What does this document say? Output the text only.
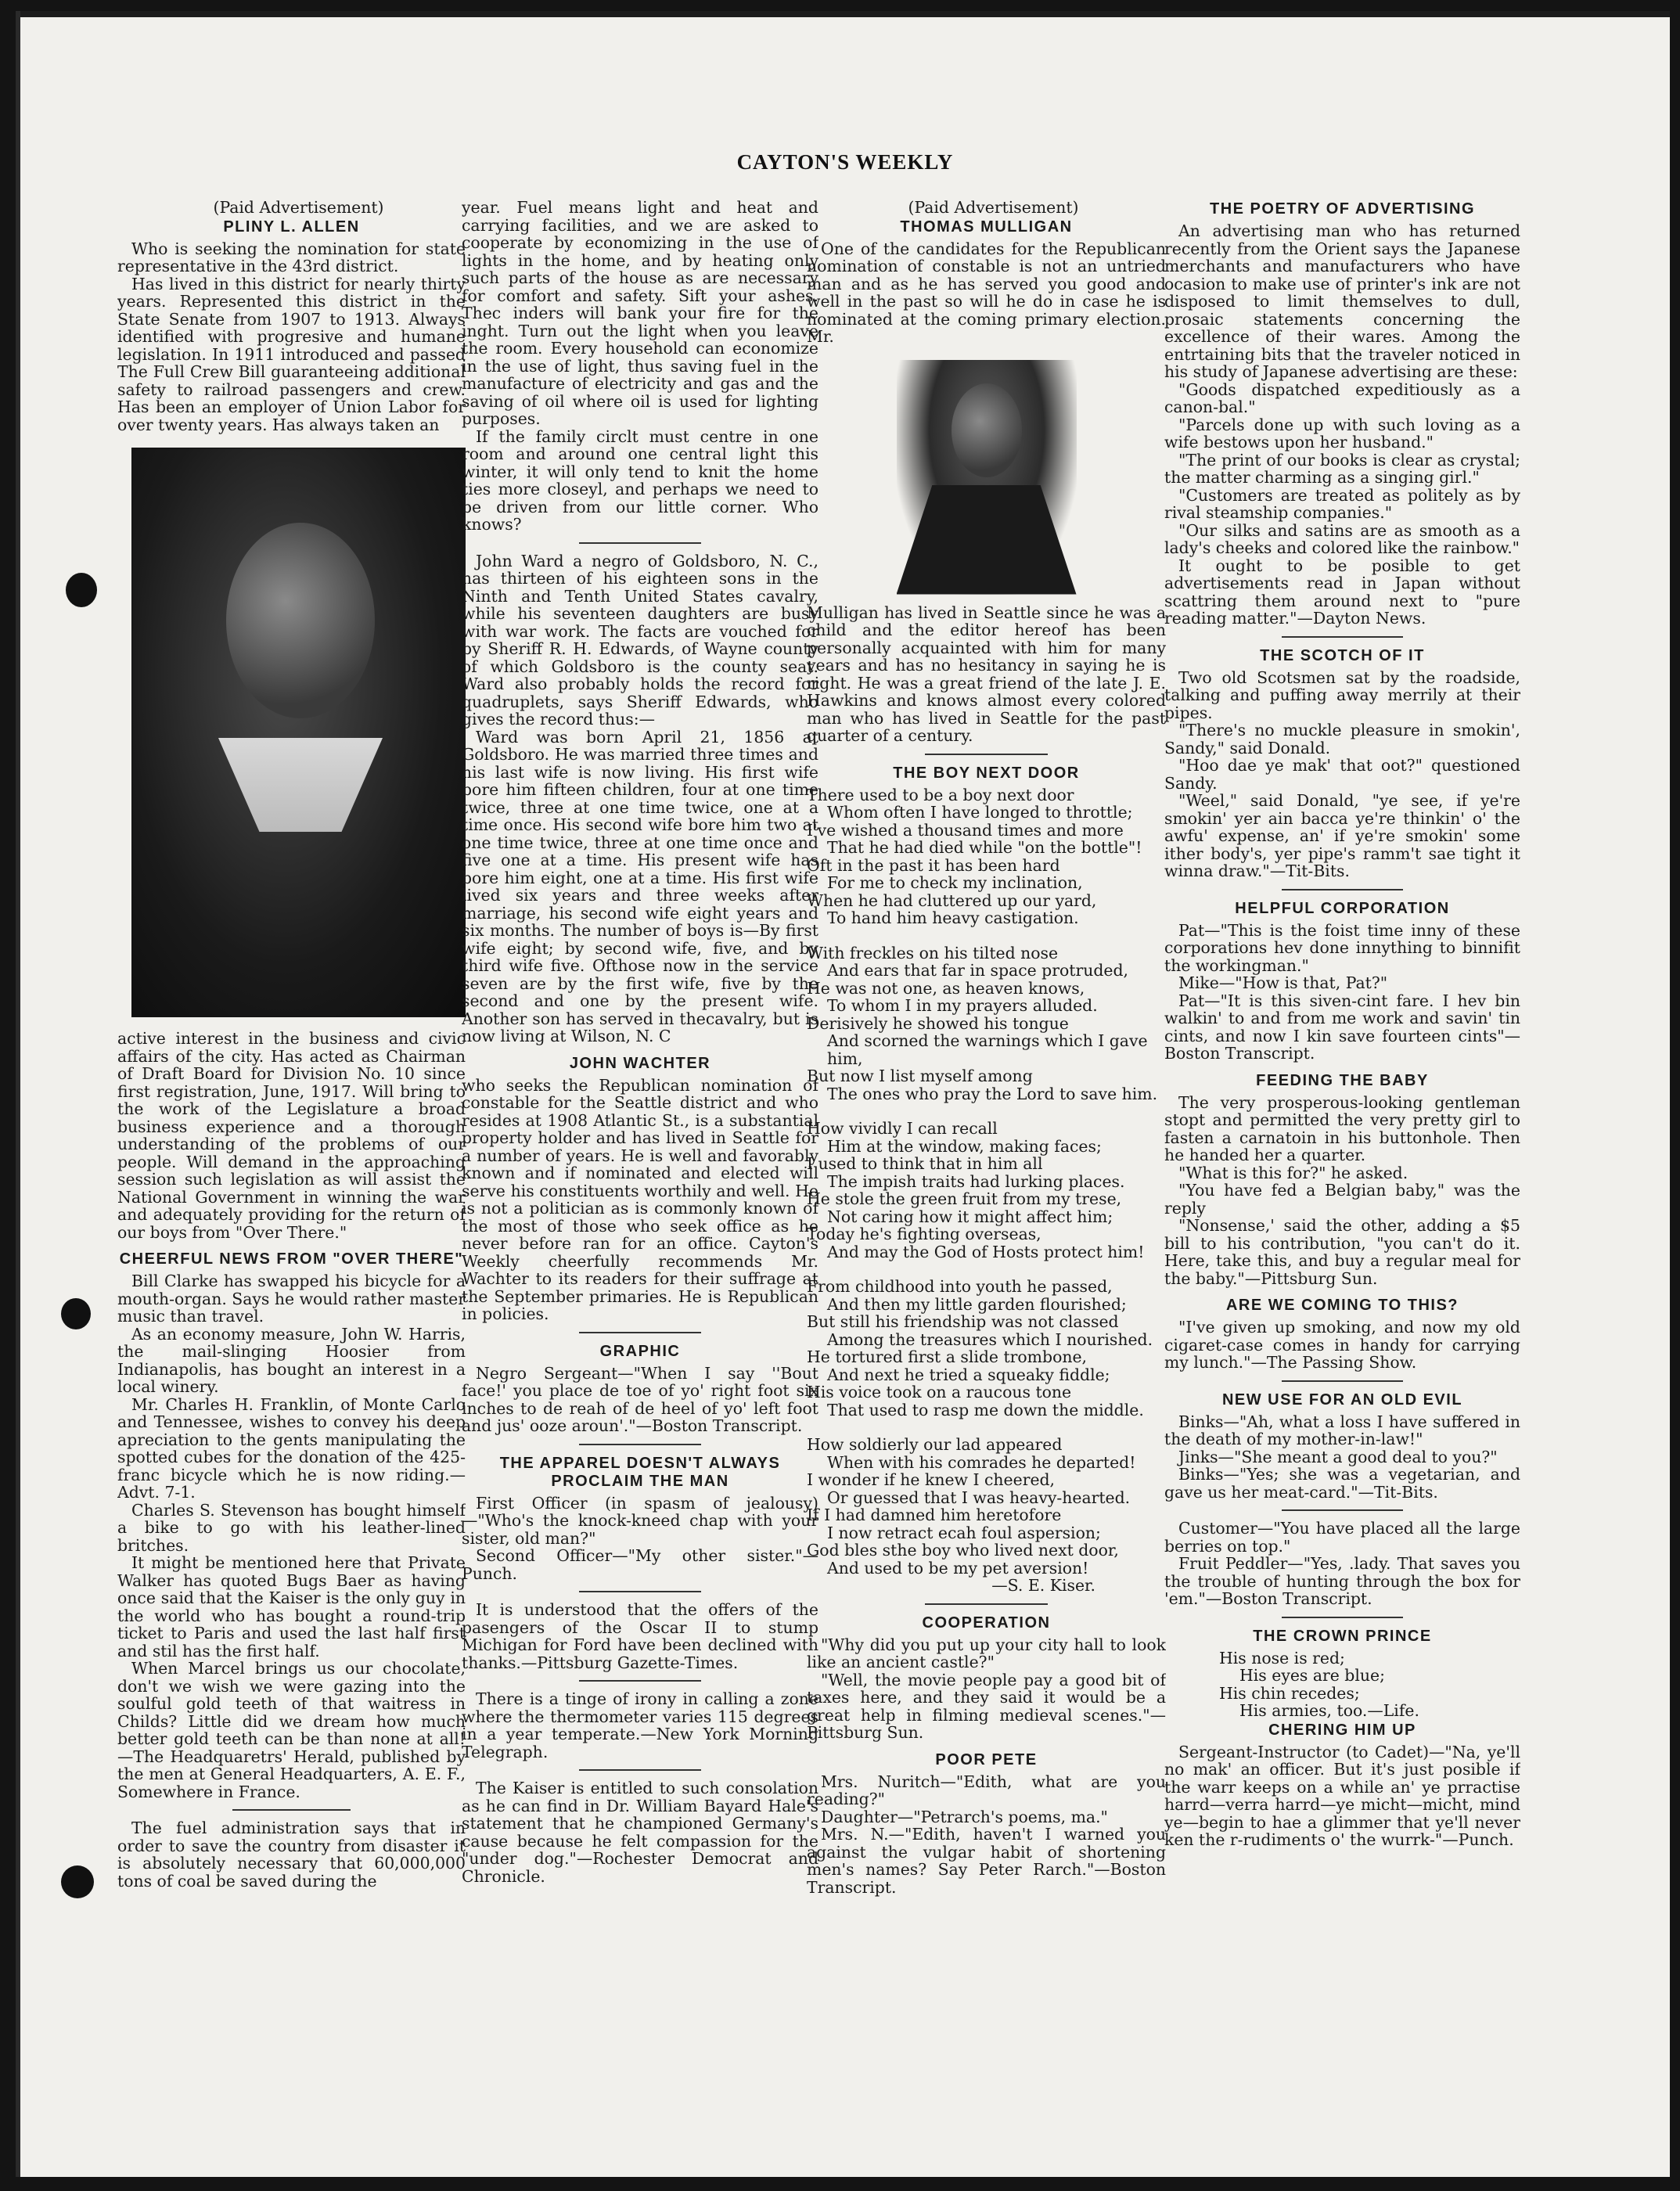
CAYTON'S WEEKLY

(Paid Advertisement)

PLINY L. ALLEN

Who is seeking the nomination for state representative in the 43rd district.

Has lived in this district for nearly thirty years. Represented this district in the State Senate from 1907 to 1913. Always identified with progresive and humane legislation. In 1911 introduced and passed The Full Crew Bill guaranteeing additional safety to railroad passengers and crew. Has been an employer of Union Labor for over twenty years. Has always taken an

active interest in the business and civic affairs of the city. Has acted as Chairman of Draft Board for Division No. 10 since first registration, June, 1917. Will bring to the work of the Legislature a broad business experience and a thorough understanding of the problems of our people. Will demand in the approaching session such legislation as will assist the National Government in winning the war and adequately providing for the return of our boys from "Over There."

CHEERFUL NEWS FROM "OVER THERE"

Bill Clarke has swapped his bicycle for a mouth-organ. Says he would rather master music than travel.

As an economy measure, John W. Harris, the mail-slinging Hoosier from Indianapolis, has bought an interest in a local winery.

Mr. Charles H. Franklin, of Monte Carlo and Tennessee, wishes to convey his deep apreciation to the gents manipulating the spotted cubes for the donation of the 425-franc bicycle which he is now riding.—Advt. 7-1.

Charles S. Stevenson has bought himself a bike to go with his leather-lined britches.

It might be mentioned here that Private Walker has quoted Bugs Baer as having once said that the Kaiser is the only guy in the world who has bought a round-trip ticket to Paris and used the last half first and stil has the first half.

When Marcel brings us our chocolate, don't we wish we were gazing into the soulful gold teeth of that waitress in Childs? Little did we dream how much better gold teeth can be than none at all!—The Headquaretrs' Herald, published by the men at General Headquarters, A. E. F., Somewhere in France.

The fuel administration says that in order to save the country from disaster it is absolutely necessary that 60,000,000 tons of coal be saved during the

year. Fuel means light and heat and carrying facilities, and we are asked to cooperate by economizing in the use of lights in the home, and by heating only such parts of the house as are necessary for comfort and safety. Sift your ashes. Thec inders will bank your fire for the inght. Turn out the light when you leave the room. Every household can economize in the use of light, thus saving fuel in the manufacture of electricity and gas and the saving of oil where oil is used for lighting purposes.

If the family circlt must centre in one room and around one central light this winter, it will only tend to knit the home ties more closeyl, and perhaps we need to be driven from our little corner. Who knows?

John Ward a negro of Goldsboro, N. C., has thirteen of his eighteen sons in the Ninth and Tenth United States cavalry, while his seventeen daughters are busy with war work. The facts are vouched for by Sheriff R. H. Edwards, of Wayne county of which Goldsboro is the county seat. Ward also probably holds the record for quadruplets, says Sheriff Edwards, who gives the record thus:—

Ward was born April 21, 1856 at Goldsboro. He was married three times and his last wife is now living. His first wife bore him fifteen children, four at one time twice, three at one time twice, one at a time once. His second wife bore him two at one time twice, three at one time once and five one at a time. His present wife has bore him eight, one at a time. His first wife lived six years and three weeks after marriage, his second wife eight years and six months. The number of boys is—By first wife eight; by second wife, five, and by third wife five. Ofthose now in the service seven are by the first wife, five by the second and one by the present wife. Another son has served in thecavalry, but is now living at Wilson, N. C

JOHN WACHTER

who seeks the Republican nomination of constable for the Seattle district and who resides at 1908 Atlantic St., is a substantial property holder and has lived in Seattle for a number of years. He is well and favorably known and if nominated and elected will serve his constituents worthily and well. He is not a politician as is commonly known of the most of those who seek office as he never before ran for an office. Cayton's Weekly cheerfully recommends Mr. Wachter to its readers for their suffrage at the September primaries. He is Republican in policies.

GRAPHIC

Negro Sergeant—"When I say ''Bout face!' you place de toe of yo' right foot six inches to de reah of de heel of yo' left foot and jus' ooze aroun'."—Boston Transcript.

THE APPAREL DOESN'T ALWAYS PROCLAIM THE MAN

First Officer (in spasm of jealousy)—"Who's the knock-kneed chap with your sister, old man?"

Second Officer—"My other sister."—Punch.

It is understood that the offers of the pasengers of the Oscar II to stump Michigan for Ford have been declined with thanks.—Pittsburg Gazette-Times.

There is a tinge of irony in calling a zone where the thermometer varies 115 degrees in a year temperate.—New York Morning Telegraph.

The Kaiser is entitled to such consolation as he can find in Dr. William Bayard Hale's statement that he championed Germany's cause because he felt compassion for the "under dog."—Rochester Democrat and Chronicle.

(Paid Advertisement)

THOMAS MULLIGAN

One of the candidates for the Republican nomination of constable is not an untried man and as he has served you good and well in the past so will he do in case he is nominated at the coming primary election. Mr.

Mulligan has lived in Seattle since he was a child and the editor hereof has been personally acquainted with him for many years and has no hesitancy in saying he is right. He was a great friend of the late J. E. Hawkins and knows almost every colored man who has lived in Seattle for the past quarter of a century.

THE BOY NEXT DOOR

There used to be a boy next door

Whom often I have longed to throttle;

I've wished a thousand times and more

That he had died while "on the bottle"!

Oft in the past it has been hard

For me to check my inclination,

When he had cluttered up our yard,

To hand him heavy castigation.

With freckles on his tilted nose

And ears that far in space protruded,

He was not one, as heaven knows,

To whom I in my prayers alluded.

Derisively he showed his tongue

And scorned the warnings which I gave him,

But now I list myself among

The ones who pray the Lord to save him.

How vividly I can recall

Him at the window, making faces;

I used to think that in him all

The impish traits had lurking places.

He stole the green fruit from my trese,

Not caring how it might affect him;

Today he's fighting overseas,

And may the God of Hosts protect him!

From childhood into youth he passed,

And then my little garden flourished;

But still his friendship was not classed

Among the treasures which I nourished.

He tortured first a slide trombone,

And next he tried a squeaky fiddle;

His voice took on a raucous tone

That used to rasp me down the middle.

How soldierly our lad appeared

When with his comrades he departed!

I wonder if he knew I cheered,

Or guessed that I was heavy-hearted.

If I had damned him heretofore

I now retract ecah foul aspersion;

God bles sthe boy who lived next door,

And used to be my pet aversion!

—S. E. Kiser.

COOPERATION

"Why did you put up your city hall to look like an ancient castle?"

"Well, the movie people pay a good bit of taxes here, and they said it would be a great help in filming medieval scenes."—Pittsburg Sun.

POOR PETE

Mrs. Nuritch—"Edith, what are you reading?"

Daughter—"Petrarch's poems, ma."

Mrs. N.—"Edith, haven't I warned you against the vulgar habit of shortening men's names? Say Peter Rarch."—Boston Transcript.

THE POETRY OF ADVERTISING

An advertising man who has returned recently from the Orient says the Japanese merchants and manufacturers who have ocasion to make use of printer's ink are not disposed to limit themselves to dull, prosaic statements concerning the excellence of their wares. Among the entrtaining bits that the traveler noticed in his study of Japanese advertising are these:

"Goods dispatched expeditiously as a canon-bal."

"Parcels done up with such loving as a wife bestows upon her husband."

"The print of our books is clear as crystal; the matter charming as a singing girl."

"Customers are treated as politely as by rival steamship companies."

"Our silks and satins are as smooth as a lady's cheeks and colored like the rainbow."

It ought to be posible to get advertisements read in Japan without scattring them around next to "pure reading matter."—Dayton News.

THE SCOTCH OF IT

Two old Scotsmen sat by the roadside, talking and puffing away merrily at their pipes.

"There's no muckle pleasure in smokin', Sandy," said Donald.

"Hoo dae ye mak' that oot?" questioned Sandy.

"Weel," said Donald, "ye see, if ye're smokin' yer ain bacca ye're thinkin' o' the awfu' expense, an' if ye're smokin' some ither body's, yer pipe's ramm't sae tight it winna draw."—Tit-Bits.

HELPFUL CORPORATION

Pat—"This is the foist time inny of these corporations hev done innything to binnifit the workingman."

Mike—"How is that, Pat?"

Pat—"It is this siven-cint fare. I hev bin walkin' to and from me work and savin' tin cints, and now I kin save fourteen cints"—Boston Transcript.

FEEDING THE BABY

The very prosperous-looking gentleman stopt and permitted the very pretty girl to fasten a carnatoin in his buttonhole. Then he handed her a quarter.

"What is this for?" he asked.

"You have fed a Belgian baby," was the reply

"Nonsense,' said the other, adding a $5 bill to his contribution, "you can't do it. Here, take this, and buy a regular meal for the baby."—Pittsburg Sun.

ARE WE COMING TO THIS?

"I've given up smoking, and now my old cigaret-case comes in handy for carrying my lunch."—The Passing Show.

NEW USE FOR AN OLD EVIL

Binks—"Ah, what a loss I have suffered in the death of my mother-in-law!"

Jinks—"She meant a good deal to you?"

Binks—"Yes; she was a vegetarian, and gave us her meat-card."—Tit-Bits.

Customer—"You have placed all the large berries on top."

Fruit Peddler—"Yes, .lady. That saves you the trouble of hunting through the box for 'em."—Boston Transcript.

THE CROWN PRINCE

His nose is red;

His eyes are blue;

His chin recedes;

His armies, too.—Life.

CHERING HIM UP

Sergeant-Instructor (to Cadet)—"Na, ye'll no mak' an officer. But it's just posible if the warr keeps on a while an' ye prractise harrd—verra harrd—ye micht—micht, mind ye—begin to hae a glimmer that ye'll never ken the r-rudiments o' the wurrk-"—Punch.
